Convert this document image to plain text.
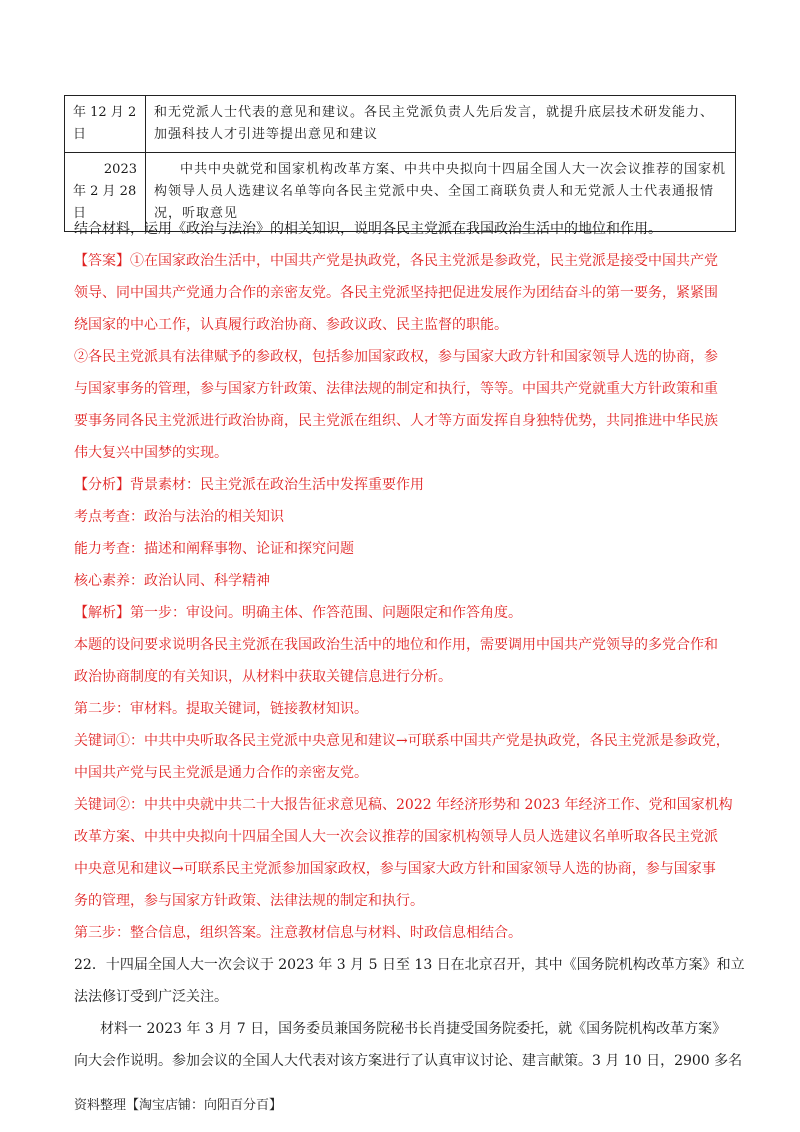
年 12 月 2
日	和无党派人士代表的意见和建议。各民主党派负责人先后发言，就提升底层技术研发能力、加强科技人才引进等提出意见和建议

2023
年 2 月 28
日	中共中央就党和国家机构改革方案、中共中央拟向十四届全国人大一次会议推荐的国家机构领导人员人选建议名单等向各民主党派中央、全国工商联负责人和无党派人士代表通报情况，听取意见
结合材料，运用《政治与法治》的相关知识，说明各民主党派在我国政治生活中的地位和作用。
【答案】①在国家政治生活中，中国共产党是执政党，各民主党派是参政党，民主党派是接受中国共产党
领导、同中国共产党通力合作的亲密友党。各民主党派坚持把促进发展作为团结奋斗的第一要务，紧紧围
绕国家的中心工作，认真履行政治协商、参政议政、民主监督的职能。
②各民主党派具有法律赋予的参政权，包括参加国家政权，参与国家大政方针和国家领导人选的协商，参
与国家事务的管理，参与国家方针政策、法律法规的制定和执行，等等。中国共产党就重大方针政策和重
要事务同各民主党派进行政治协商，民主党派在组织、人才等方面发挥自身独特优势，共同推进中华民族
伟大复兴中国梦的实现。
【分析】背景素材：民主党派在政治生活中发挥重要作用
考点考查：政治与法治的相关知识
能力考查：描述和阐释事物、论证和探究问题
核心素养：政治认同、科学精神
【解析】第一步：审设问。明确主体、作答范围、问题限定和作答角度。
本题的设问要求说明各民主党派在我国政治生活中的地位和作用，需要调用中国共产党领导的多党合作和
政治协商制度的有关知识，从材料中获取关键信息进行分析。
第二步：审材料。提取关键词，链接教材知识。
关键词①：中共中央听取各民主党派中央意见和建议→可联系中国共产党是执政党，各民主党派是参政党，
中国共产党与民主党派是通力合作的亲密友党。
关键词②：中共中央就中共二十大报告征求意见稿、2022 年经济形势和 2023 年经济工作、党和国家机构
改革方案、中共中央拟向十四届全国人大一次会议推荐的国家机构领导人员人选建议名单听取各民主党派
中央意见和建议→可联系民主党派参加国家政权，参与国家大政方针和国家领导人选的协商，参与国家事
务的管理，参与国家方针政策、法律法规的制定和执行。
第三步：整合信息，组织答案。注意教材信息与材料、时政信息相结合。
22．十四届全国人大一次会议于 2023 年 3 月 5 日至 13 日在北京召开，其中《国务院机构改革方案》和立
法法修订受到广泛关注。
材料一 2023 年 3 月 7 日，国务委员兼国务院秘书长肖捷受国务院委托，就《国务院机构改革方案》
向大会作说明。参加会议的全国人大代表对该方案进行了认真审议讨论、建言献策。3 月 10 日，2900 多名
资料整理【淘宝店铺：向阳百分百】
